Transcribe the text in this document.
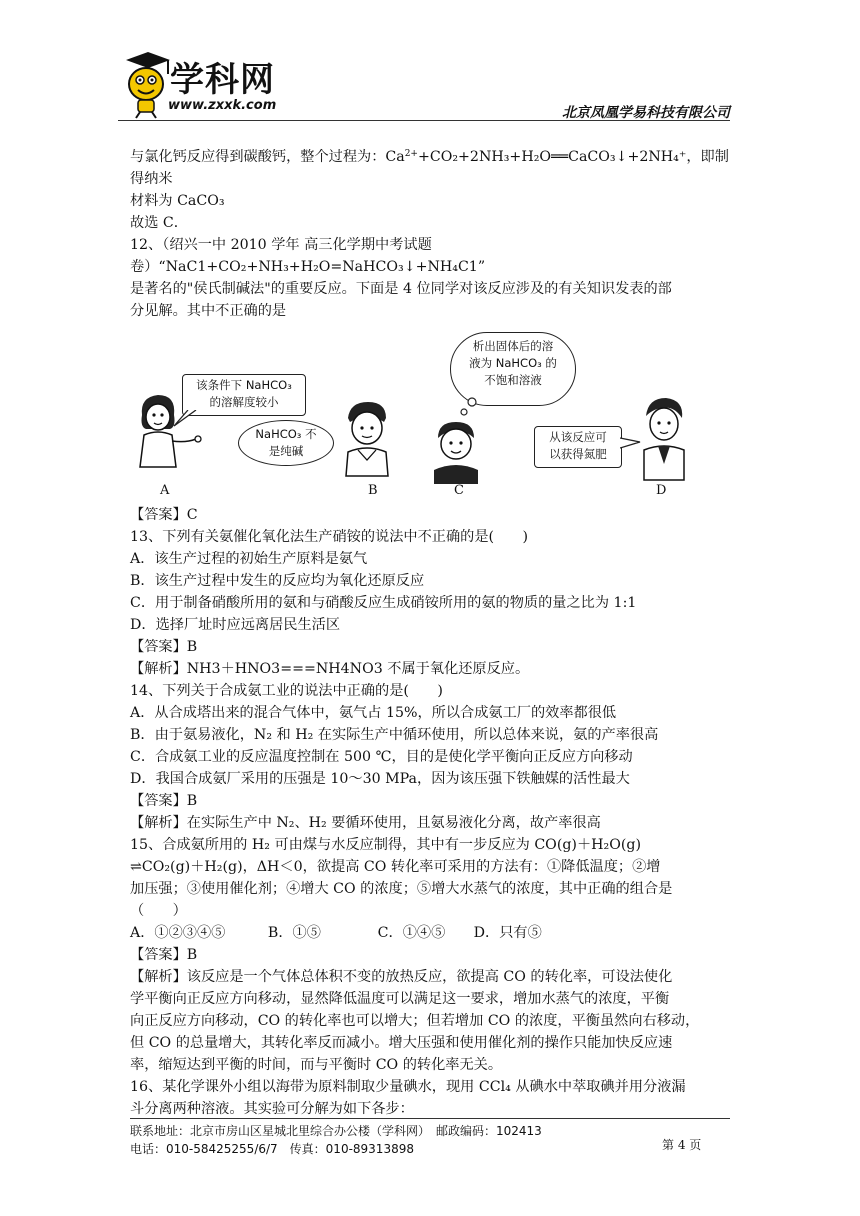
学科网
www.zxxk.com	北京凤凰学易科技有限公司

与氯化钙反应得到碳酸钙，整个过程为：$Ca^{2+}+CO_2+2NH_3+H_2O══CaCO_3↓+2NH_4^+$，即制得纳米

材料为 CaCO₃

故选 C．

12、（绍兴一中 2010 学年 高三化学期中考试题卷）“NaC1+CO₂+NH₃+H₂O=NaHCO₃↓+NH₄C1”

是著名的"侯氏制碱法"的重要反应。下面是 4 位同学对该反应涉及的有关知识发表的部

分见解。其中不正确的是

该条件下 NaHCO₃
的溶解度较小
NaHCO₃ 不
是纯碱
析出固体后的溶
液为 NaHCO₃ 的
不饱和溶液
从该反应可
以获得氮肥
A	B	C	D

【答案】C

13、下列有关氨催化氧化法生产硝铵的说法中不正确的是(　　)

A．该生产过程的初始生产原料是氨气

B．该生产过程中发生的反应均为氧化还原反应

C．用于制备硝酸所用的氨和与硝酸反应生成硝铵所用的氨的物质的量之比为 1:1

D．选择厂址时应远离居民生活区

【答案】B

【解析】NH3＋HNO3===NH4NO3 不属于氧化还原反应。

14、下列关于合成氨工业的说法中正确的是(　　)

A．从合成塔出来的混合气体中，氨气占 15%，所以合成氨工厂的效率都很低

B．由于氨易液化，N₂ 和 H₂ 在实际生产中循环使用，所以总体来说，氨的产率很高

C．合成氨工业的反应温度控制在 500 ℃，目的是使化学平衡向正反应方向移动

D．我国合成氨厂采用的压强是 10～30 MPa，因为该压强下铁触媒的活性最大

【答案】B

【解析】在实际生产中 N₂、H₂ 要循环使用，且氨易液化分离，故产率很高

15、合成氨所用的 H₂ 可由煤与水反应制得，其中有一步反应为 CO(g)＋H₂O(g)

⇌CO₂(g)＋H₂(g)，ΔH＜0，欲提高 CO 转化率可采用的方法有：①降低温度；②增

加压强；③使用催化剂；④增大 CO 的浓度；⑤增大水蒸气的浓度，其中正确的组合是

（　　）

A．①②③④⑤　　　B．①⑤　　　　C．①④⑤　　D．只有⑤

【答案】B

【解析】该反应是一个气体总体积不变的放热反应，欲提高 CO 的转化率，可设法使化

学平衡向正反应方向移动，显然降低温度可以满足这一要求，增加水蒸气的浓度，平衡

向正反应方向移动，CO 的转化率也可以增大；但若增加 CO 的浓度，平衡虽然向右移动，

但 CO 的总量增大，其转化率反而减小。增大压强和使用催化剂的操作只能加快反应速

率，缩短达到平衡的时间，而与平衡时 CO 的转化率无关。

16、某化学课外小组以海带为原料制取少量碘水，现用 CCl₄ 从碘水中萃取碘并用分液漏

斗分离两种溶液。其实验可分解为如下各步：

联系地址：北京市房山区星城北里综合办公楼（学科网）　邮政编码：102413
电话：010-58425255/6/7　传真：010-89313898	第 4 页
